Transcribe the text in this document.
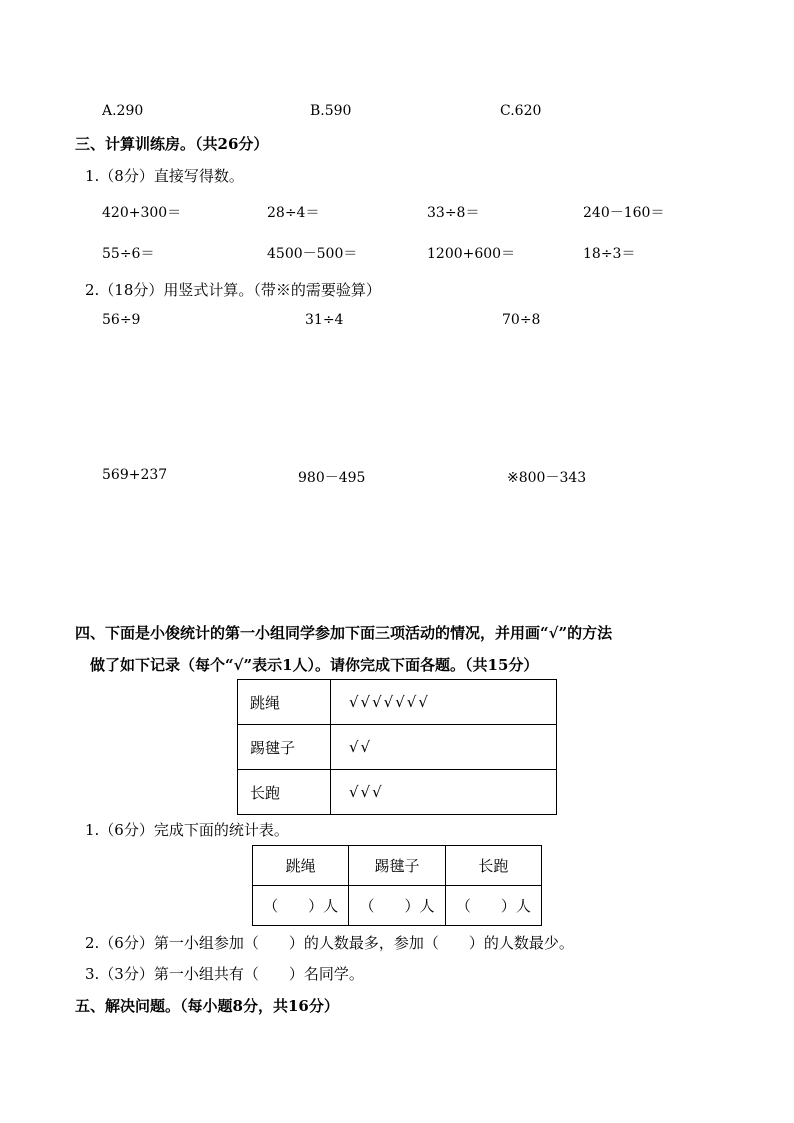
A.290	B.590	C.620
三、计算训练房。（共26分）
1.（8分）直接写得数。
420+300＝	28÷4＝	33÷8＝	240－160＝
55÷6＝	4500－500＝	1200+600＝	18÷3＝
2.（18分）用竖式计算。（带※的需要验算）
56÷9	31÷4	70÷8
569+237	980－495	※800－343
四、下面是小俊统计的第一小组同学参加下面三项活动的情况，并用画“√”的方法
做了如下记录（每个“√”表示1人）。请你完成下面各题。（共15分）
跳绳	√√√√√√√
踢毽子	√√
长跑	√√√
1.（6分）完成下面的统计表。
跳绳	踢毽子	长跑
（　　）人	（　　）人	（　　）人
2.（6分）第一小组参加（　　）的人数最多，参加（　　）的人数最少。
3.（3分）第一小组共有（　　）名同学。
五、解决问题。（每小题8分，共16分）
